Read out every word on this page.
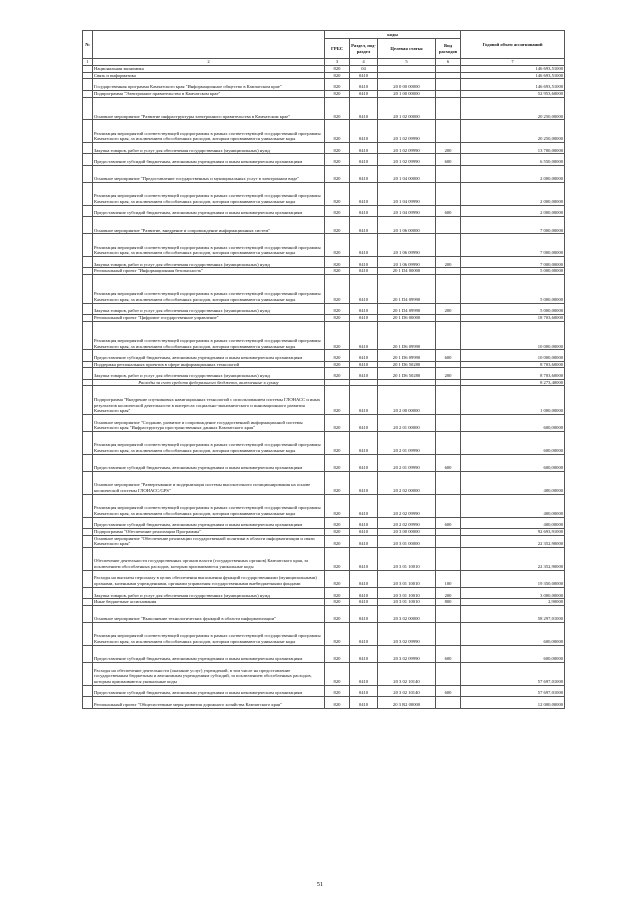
№		коды				Годовой объем ассигнований
		ГРБС	Раздел, под-раздел	Целевая статья	Вид расходов	
1	2	3	4	5	6	7
	Национальная экономика	820	04			146 693,51000
	Связь и информатика	820	0410			146 693,51000
	Государственная программа Камчатского края "Информационное общество в Камчатском крае"	820	0410	20 0 00 00000		146 693,51000
	Подпрограмма "Электронное правительство в Камчатском крае"	820	0410	20 1 00 00000		52 953,60000
	Основное мероприятие "Развитие инфраструктуры электронного правительства в Камчатском крае"	820	0410	20 1 02 00000		20 250,00000
	Реализация мероприятий соответствующей подпрограммы в рамках соответствующей государственной программы Камчатского края, за исключением обособленных расходов, которым присваиваются уникальные коды	820	0410	20 1 02 09990		20 250,00000
	Закупка товаров, работ и услуг для обеспечения государственных (муниципальных) нужд	820	0410	20 1 02 09990	200	13 700,00000
	Предоставление субсидий бюджетным, автономным учреждениям и иным некоммерческим организациям	820	0410	20 1 02 09990	600	6 550,00000
	Основное мероприятие "Предоставление государственных и муниципальных услуг в электронном виде"	820	0410	20 1 04 00000		2 000,00000
	Реализация мероприятий соответствующей подпрограммы в рамках соответствующей государственной программы Камчатского края, за исключением обособленных расходов, которым присваиваются уникальные коды	820	0410	20 1 04 09990		2 000,00000
	Предоставление субсидий бюджетным, автономным учреждениям и иным некоммерческим организациям	820	0410	20 1 04 09990	600	2 000,00000
	Основное мероприятие "Развитие, внедрение и сопровождение информационных систем"	820	0410	20 1 06 00000		7 000,00000
	Реализация мероприятий соответствующей подпрограммы в рамках соответствующей государственной программы Камчатского края, за исключением обособленных расходов, которым присваиваются уникальные коды	820	0410	20 1 06 09990		7 000,00000
	Закупка товаров, работ и услуг для обеспечения государственных (муниципальных) нужд	820	0410	20 1 06 09990	200	7 000,00000
	Региональный проект "Информационная безопасность"	820	0410	20 1 D4 00000		5 000,00000
	Реализация мероприятий соответствующей подпрограммы в рамках соответствующей государственной программы Камчатского края, за исключением обособленных расходов, которым присваиваются уникальные коды	820	0410	20 1 D4 09990		5 000,00000
	Закупка товаров, работ и услуг для обеспечения государственных (муниципальных) нужд	820	0410	20 1 D4 09990	200	5 000,00000
	Региональный проект "Цифровое государственное управление"	820	0410	20 1 D6 00000		18 703,60000
	Реализация мероприятий соответствующей подпрограммы в рамках соответствующей государственной программы Камчатского края, за исключением обособленных расходов, которым присваиваются уникальные коды	820	0410	20 1 D6 09990		10 000,00000
	Предоставление субсидий бюджетным, автономным учреждениям и иным некоммерческим организациям	820	0410	20 1 D6 09990	600	10 000,00000
	Поддержка региональных проектов в сфере информационных технологий	820	0410	20 1 D6 50280		8 703,60000
	Закупка товаров, работ и услуг для обеспечения государственных (муниципальных) нужд	820	0410	20 1 D6 50280	200	8 703,60000
	Расходы за счет средств федерального бюджета, включенные в сумму					8 273,40000
	Подпрограмма "Внедрение спутниковых навигационных технологий с использованием системы ГЛОНАСС и иных результатов космической деятельности в интересах социально-экономического и инновационного развития Камчатского края"	820	0410	20 2 00 00000		1 000,00000
	Основное мероприятие "Создание, развитие и сопровождение государственной информационной системы Камчатского края "Инфраструктура пространственных данных Камчатского края"	820	0410	20 2 01 00000		600,00000
	Реализация мероприятий соответствующей подпрограммы в рамках соответствующей государственной программы Камчатского края, за исключением обособленных расходов, которым присваиваются уникальные коды	820	0410	20 2 01 09990		600,00000
	Предоставление субсидий бюджетным, автономным учреждениям и иным некоммерческим организациям	820	0410	20 2 01 09990	600	600,00000
	Основное мероприятие "Развертывание и модернизация системы высокоточного позиционирования на основе космической системы ГЛОНАСС/GPS"	820	0410	20 2 02 00000		400,00000
	Реализация мероприятий соответствующей подпрограммы в рамках соответствующей государственной программы Камчатского края, за исключением обособленных расходов, которым присваиваются уникальные коды	820	0410	20 2 02 09990		400,00000
	Предоставление субсидий бюджетным, автономным учреждениям и иным некоммерческим организациям	820	0410	20 2 02 09990	600	400,00000
	Подпрограмма "Обеспечение реализации Программы"	820	0410	20 3 00 00000		92 693,91000
	Основное мероприятие "Обеспечение реализации государственной политики в области информатизации и связи Камчатского края"	820	0410	20 3 01 00000		22 352,90000
	Обеспечение деятельности государственных органов власти (государственных органов) Камчатского края, за исключением обособленных расходов, которым присваиваются уникальные коды	820	0410	20 3 01 10010		22 352,90000
	Расходы на выплаты персоналу в целях обеспечения выполнения функций государственными (муниципальными) органами, казенными учреждениями, органами управления государственными внебюджетными фондами	820	0410	20 3 01 10010	100	19 350,00000
	Закупка товаров, работ и услуг для обеспечения государственных (муниципальных) нужд	820	0410	20 3 01 10010	200	3 000,00000
	Иные бюджетные ассигнования	820	0410	20 3 01 10010	800	2,90000
	Основное мероприятие "Выполнение технологических функций в области информатизации"	820	0410	20 3 02 00000		58 297,01000
	Реализация мероприятий соответствующей подпрограммы в рамках соответствующей государственной программы Камчатского края, за исключением обособленных расходов, которым присваиваются уникальные коды	820	0410	20 3 02 09990		600,00000
	Предоставление субсидий бюджетным, автономным учреждениям и иным некоммерческим организациям	820	0410	20 3 02 09990	600	600,00000
	Расходы на обеспечение деятельности (оказание услуг) учреждений, в том числе на предоставление государственным бюджетным и автономным учреждениям субсидий, за исключением обособленных расходов, которым присваиваются уникальные коды	820	0410	20 3 02 10140		57 697,01000
	Предоставление субсидий бюджетным, автономным учреждениям и иным некоммерческим организациям	820	0410	20 3 02 10140	600	57 697,01000
	Региональный проект "Общесистемные меры развития дорожного хозяйства Камчатского края"	820	0410	20 3 R2 00000		12 000,00000
51
